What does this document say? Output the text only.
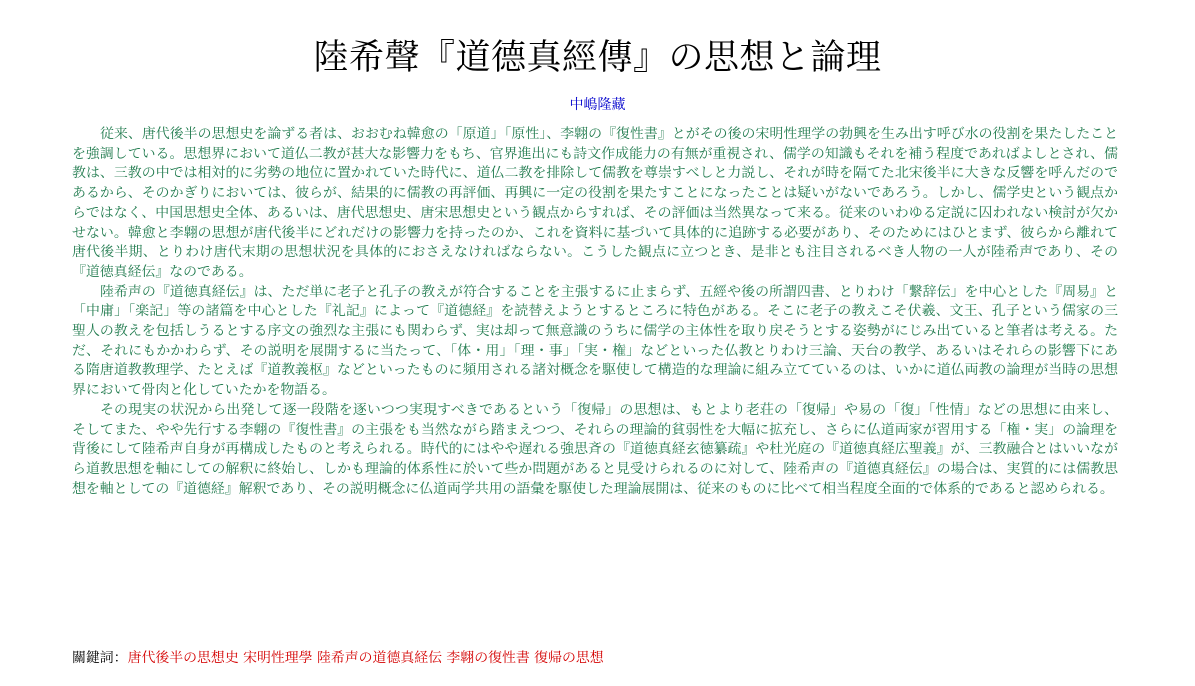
陸希聲『道德真經傳』の思想と論理
中嶋隆藏

従来、唐代後半の思想史を論ずる者は、おおむね韓愈の「原道」「原性」、李翺の『復性書』とがその後の宋明性理学の勃興を生み出す呼び水の役割を果たしたことを強調している。思想界において道仏二教が甚大な影響力をもち、官界進出にも詩文作成能力の有無が重視され、儒学の知識もそれを補う程度であればよしとされ、儒教は、三教の中では相対的に劣勢の地位に置かれていた時代に、道仏二教を排除して儒教を尊崇すべしと力説し、それが時を隔てた北宋後半に大きな反響を呼んだのであるから、そのかぎりにおいては、彼らが、結果的に儒教の再評価、再興に一定の役割を果たすことになったことは疑いがないであろう。しかし、儒学史という観点からではなく、中国思想史全体、あるいは、唐代思想史、唐宋思想史という観点からすれば、その評価は当然異なって来る。従来のいわゆる定説に囚われない検討が欠かせない。韓愈と李翺の思想が唐代後半にどれだけの影響力を持ったのか、これを資料に基づいて具体的に追跡する必要があり、そのためにはひとまず、彼らから離れて唐代後半期、とりわけ唐代末期の思想状況を具体的におさえなければならない。こうした観点に立つとき、是非とも注目されるべき人物の一人が陸希声であり、その『道徳真経伝』なのである。

陸希声の『道徳真経伝』は、ただ単に老子と孔子の教えが符合することを主張するに止まらず、五經や後の所謂四書、とりわけ「繋辞伝」を中心とした『周易』と「中庸」「楽記」等の諸篇を中心とした『礼記』によって『道德経』を読替えようとするところに特色がある。そこに老子の教えこそ伏羲、文王、孔子という儒家の三聖人の教えを包括しうるとする序文の強烈な主張にも関わらず、実は却って無意識のうちに儒学の主体性を取り戻そうとする姿勢がにじみ出ていると筆者は考える。ただ、それにもかかわらず、その説明を展開するに当たって、「体・用」「理・事」「実・権」などといった仏教とりわけ三論、天台の教学、あるいはそれらの影響下にある隋唐道教教理学、たとえば『道教義枢』などといったものに頻用される諸対概念を駆使して構造的な理論に組み立てているのは、いかに道仏両教の論理が当時の思想界において骨肉と化していたかを物語る。

その現実の状況から出発して逐一段階を逐いつつ実現すべきであるという「復帰」の思想は、もとより老荘の「復帰」や易の「復」「性情」などの思想に由来し、そしてまた、やや先行する李翺の『復性書』の主張をも当然ながら踏まえつつ、それらの理論的貧弱性を大幅に拡充し、さらに仏道両家が習用する「権・実」の論理を背後にして陸希声自身が再構成したものと考えられる。時代的にはやや遅れる強思斉の『道徳真経玄徳纂疏』や杜光庭の『道徳真経広聖義』が、三教融合とはいいながら道教思想を軸にしての解釈に終始し、しかも理論的体系性に於いて些か問題があると見受けられるのに対して、陸希声の『道德真経伝』の場合は、実質的には儒教思想を軸としての『道德経』解釈であり、その説明概念に仏道両学共用の語彙を駆使した理論展開は、従来のものに比べて相当程度全面的で体系的であると認められる。

關鍵詞：唐代後半の思想史 宋明性理學 陸希声の道德真経伝 李翺の復性書 復帰の思想
